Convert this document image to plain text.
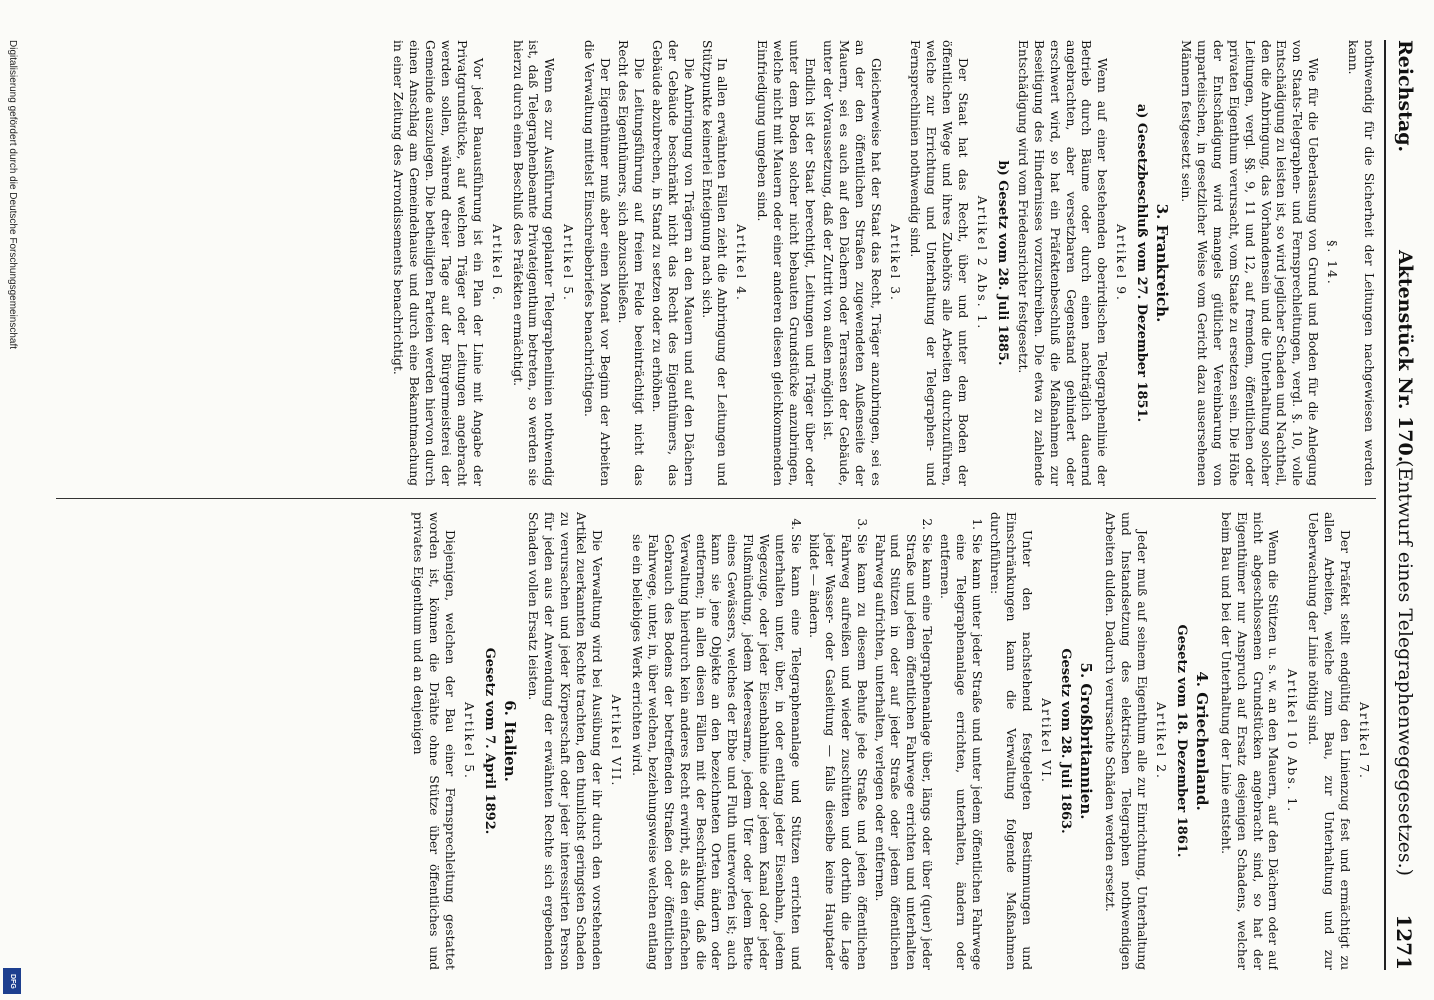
Reichstag.
Aktenstück Nr. 170.
(Entwurf eines Telegraphenwegegesetzes.)
1271

nothwendig für die Sicherheit der Leitungen nachgewiesen werden kann.

§. 14.

Wie für die Ueberlassung von Grund und Boden für die Anlegung von Staats-Telegraphen- und Fernsprechleitungen, vergl. §. 10, volle Entschädigung zu leisten ist, so wird jeglicher Schaden und Nachtheil, den die Anbringung, das Vorhandensein und die Unterhaltung solcher Leitungen, vergl. §§. 9, 11 und 12, auf fremdem, öffentlichen oder privaten Eigenthum verursacht, vom Staate zu ersetzen sein. Die Höhe der Entschädigung wird mangels gütlicher Vereinbarung von unparteiischen, in gesetzlicher Weise vom Gericht dazu ausersehenen Männern festgesetzt sein.

3. Frankreich.
a) Gesetzbeschluß vom 27. Dezember 1851.
Artikel 9.

Wenn auf einer bestehenden oberirdischen Telegraphenlinie der Betrieb durch Bäume oder durch einen nachträglich dauernd angebrachten, aber versetzbaren Gegenstand gehindert oder erschwert wird, so hat ein Präfektenbeschluß die Maßnahmen zur Beseitigung des Hindernisses vorzuschreiben. Die etwa zu zahlende Entschädigung wird vom Friedensrichter festgesetzt.

b) Gesetz vom 28. Juli 1885.
Artikel 2 Abs. 1.

Der Staat hat das Recht, über und unter dem Boden der öffentlichen Wege und ihres Zubehörs alle Arbeiten durchzuführen, welche zur Errichtung und Unterhaltung der Telegraphen- und Fernsprechlinien nothwendig sind.

Artikel 3.

Gleicherweise hat der Staat das Recht, Träger anzubringen, sei es an der den öffentlichen Straßen zugewendeten Außenseite der Mauern, sei es auch auf den Dächern oder Terrassen der Gebäude, unter der Voraussetzung, daß der Zutritt von außen möglich ist.

Endlich ist der Staat berechtigt, Leitungen und Träger über oder unter dem Boden solcher nicht bebauten Grundstücke anzubringen, welche nicht mit Mauern oder einer anderen diesen gleichkommenden Einfriedigung umgeben sind.

Artikel 4.

In allen erwähnten Fällen zieht die Anbringung der Leitungen und Stützpunkte keinerlei Enteignung nach sich.

Die Anbringung von Trägern an den Mauern und auf den Dächern der Gebäude beschränkt nicht das Recht des Eigenthümers, das Gebäude abzubrechen, in Stand zu setzen oder zu erhöhen.

Die Leitungsführung auf freiem Felde beeinträchtigt nicht das Recht des Eigenthümers, sich abzuschließen.

Der Eigenthümer muß aber einen Monat vor Beginn der Arbeiten die Verwaltung mittelst Einschreibebriefes benachrichtigen.

Artikel 5.

Wenn es zur Ausführung geplanter Telegraphenlinien nothwendig ist, daß Telegraphenbeamte Privateigenthum betreten, so werden sie hierzu durch einen Beschluß des Präfekten ermächtigt.

Artikel 6.

Vor jeder Bauausführung ist ein Plan der Linie mit Angabe der Privatgrundstücke, auf welchen Träger oder Leitungen angebracht werden sollen, während dreier Tage auf der Bürgermeisterei der Gemeinde auszulegen. Die betheiligten Parteien werden hiervon durch einen Anschlag am Gemeindehause und durch eine Bekanntmachung in einer Zeitung des Arrondissements benachrichtigt.

Artikel 7.

Der Präfekt stellt endgültig den Linienzug fest und ermächtigt zu allen Arbeiten, welche zum Bau, zur Unterhaltung und zur Ueberwachung der Linie nöthig sind.

Artikel 10 Abs. 1.

Wenn die Stützen u. s. w. an den Mauern, auf den Dächern oder auf nicht abgeschlossenen Grundstücken angebracht sind, so hat der Eigenthümer nur Anspruch auf Ersatz desjenigen Schadens, welcher beim Bau und bei der Unterhaltung der Linie entsteht.

4. Griechenland.
Gesetz vom 18. Dezember 1861.
Artikel 2.

Jeder muß auf seinem Eigenthum alle zur Einrichtung, Unterhaltung und Instandsetzung des elektrischen Telegraphen nothwendigen Arbeiten dulden. Dadurch verursachte Schäden werden ersetzt.

5. Großbritannien.
Gesetz vom 28. Juli 1863.
Artikel VI.

Unter den nachstehend festgelegten Bestimmungen und Einschränkungen kann die Verwaltung folgende Maßnahmen durchführen:

1. Sie kann unter jeder Straße und unter jedem öffentlichen Fahrwege eine Telegraphenanlage errichten, unterhalten, ändern oder entfernen.
2. Sie kann eine Telegraphenanlage über, längs oder über (quer) jeder Straße und jedem öffentlichen Fahrwege errichten und unterhalten und Stützen in oder auf jeder Straße oder jedem öffentlichen Fahrweg aufrichten, unterhalten, verlegen oder entfernen.
3. Sie kann zu diesem Behufe jede Straße und jeden öffentlichen Fahrweg aufreißen und wieder zuschütten und dorthin die Lage jeder Wasser- oder Gasleitung — falls dieselbe keine Hauptader bildet — ändern.
4. Sie kann eine Telegraphenanlage und Stützen errichten und unterhalten unter, über, in oder entlang jeder Eisenbahn, jedem Wegezuge, oder jeder Eisenbahnlinie oder jedem Kanal oder jeder Flußmündung, jedem Meeresarme, jedem Ufer oder jedem Bette eines Gewässers, welches der Ebbe und Fluth unterworfen ist; auch kann sie jene Objekte an den bezeichneten Orten ändern oder entfernen; in allen diesen Fällen mit der Beschränkung, daß die Verwaltung hierdurch kein anderes Recht erwirbt, als den einfachen Gebrauch des Bodens der betreffenden Straßen oder öffentlichen Fahrwege, unter, in, über welchen, beziehungsweise welchen entlang sie ein beliebiges Werk errichten wird.
Artikel VII.

Die Verwaltung wird bei Ausübung der ihr durch den vorstehenden Artikel zuerkannten Rechte trachten, den thunlichst geringsten Schaden zu verursachen und jeder Körperschaft oder jeder interessirten Person für jeden aus der Anwendung der erwähnten Rechte sich ergebenden Schaden vollen Ersatz leisten.

6. Italien.
Gesetz vom 7. April 1892.
Artikel 5.

Diejenigen, welchen der Bau einer Fernsprechleitung gestattet worden ist, können die Drähte ohne Stütze über öffentliches und privates Eigenthum und an denjenigen

Digitalisierung gefördert durch die Deutsche Forschungsgemeinschaft
DFG
